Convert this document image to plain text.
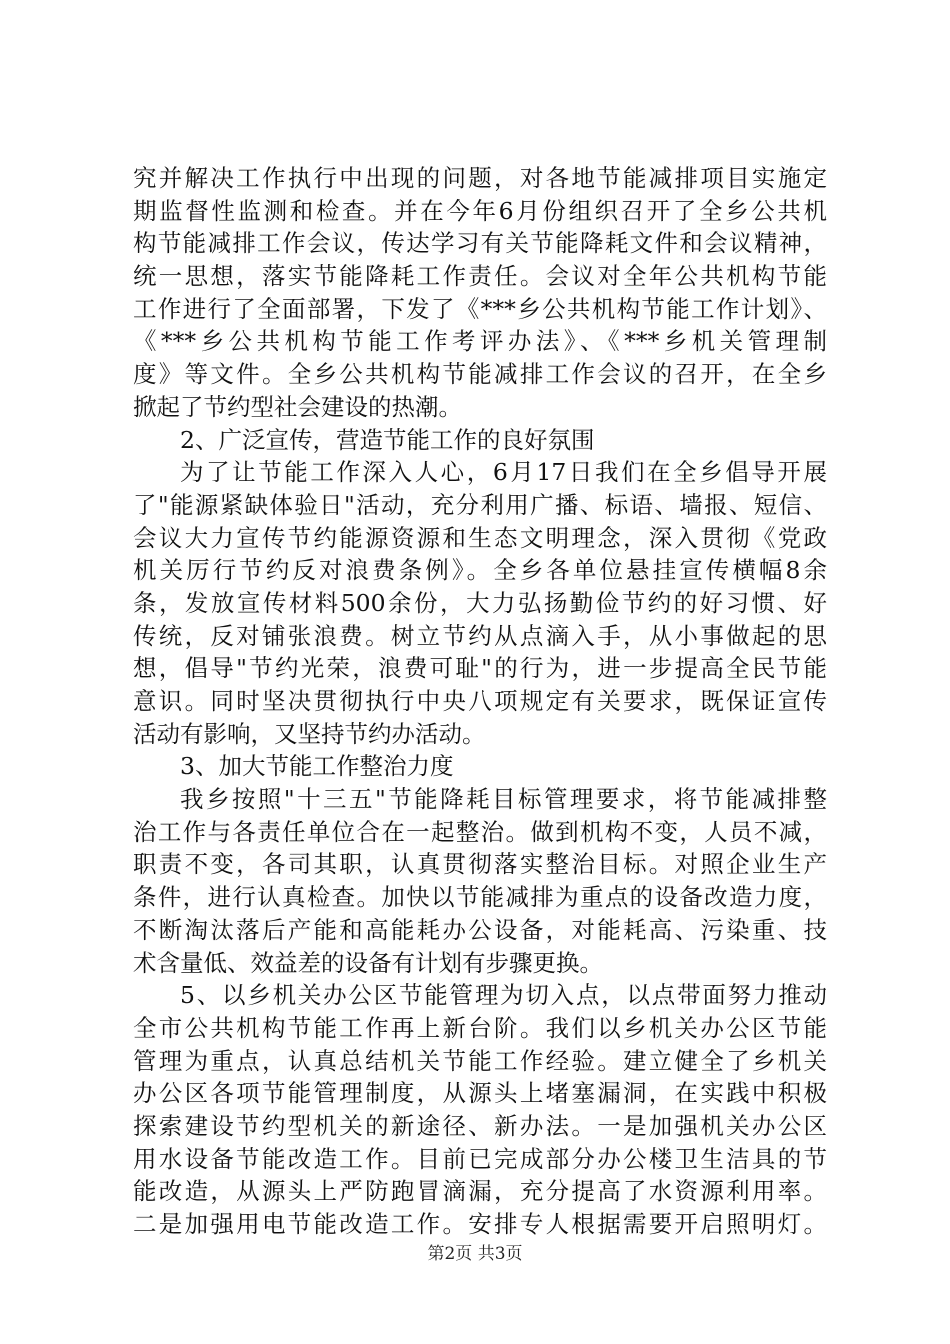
究并解决工作执行中出现的问题，对各地节能减排项目实施定
期监督性监测和检查。并在今年6月份组织召开了全乡公共机
构节能减排工作会议，传达学习有关节能降耗文件和会议精神，
统一思想，落实节能降耗工作责任。会议对全年公共机构节能
工作进行了全面部署，下发了《***乡公共机构节能工作计划》、
《***乡公共机构节能工作考评办法》、《***乡机关管理制
度》等文件。全乡公共机构节能减排工作会议的召开，在全乡
掀起了节约型社会建设的热潮。
2、广泛宣传，营造节能工作的良好氛围
为了让节能工作深入人心，6月17日我们在全乡倡导开展
了"能源紧缺体验日"活动，充分利用广播、标语、墙报、短信、
会议大力宣传节约能源资源和生态文明理念，深入贯彻《党政
机关厉行节约反对浪费条例》。全乡各单位悬挂宣传横幅8余
条，发放宣传材料500余份，大力弘扬勤俭节约的好习惯、好
传统，反对铺张浪费。树立节约从点滴入手，从小事做起的思
想，倡导"节约光荣，浪费可耻"的行为，进一步提高全民节能
意识。同时坚决贯彻执行中央八项规定有关要求，既保证宣传
活动有影响，又坚持节约办活动。
3、加大节能工作整治力度
我乡按照"十三五"节能降耗目标管理要求，将节能减排整
治工作与各责任单位合在一起整治。做到机构不变，人员不减，
职责不变，各司其职，认真贯彻落实整治目标。对照企业生产
条件，进行认真检查。加快以节能减排为重点的设备改造力度，
不断淘汰落后产能和高能耗办公设备，对能耗高、污染重、技
术含量低、效益差的设备有计划有步骤更换。
5、以乡机关办公区节能管理为切入点，以点带面努力推动
全市公共机构节能工作再上新台阶。我们以乡机关办公区节能
管理为重点，认真总结机关节能工作经验。建立健全了乡机关
办公区各项节能管理制度，从源头上堵塞漏洞，在实践中积极
探索建设节约型机关的新途径、新办法。一是加强机关办公区
用水设备节能改造工作。目前已完成部分办公楼卫生洁具的节
能改造，从源头上严防跑冒滴漏，充分提高了水资源利用率。
二是加强用电节能改造工作。安排专人根据需要开启照明灯。
第2页 共3页
